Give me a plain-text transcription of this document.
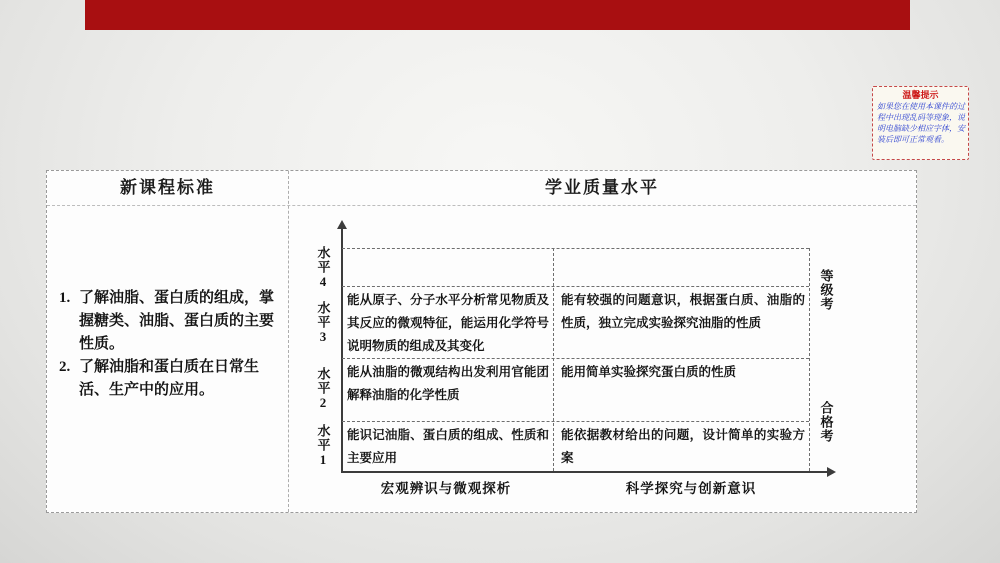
温馨提示
如果您在使用本课件的过
程中出现乱码等现象，说
明电脑缺少相应字体，安
装后即可正常观看。
新课程标准	学业质量水平
1. 了解油脂、蛋白质的组成，掌握糖类、油脂、蛋白质的主要性质。
2. 了解油脂和蛋白质在日常生活、生产中的应用。
水平4
水平3
水平2
水平1
能从原子、分子水平分析常见物质及其反应的微观特征，能运用化学符号说明物质的组成及其变化
能有较强的问题意识，根据蛋白质、油脂的性质，独立完成实验探究油脂的性质
能从油脂的微观结构出发利用官能团解释油脂的化学性质
能用简单实验探究蛋白质的性质
能识记油脂、蛋白质的组成、性质和主要应用
能依据教材给出的问题，设计简单的实验方案
等级考
合格考
宏观辨识与微观探析	科学探究与创新意识
